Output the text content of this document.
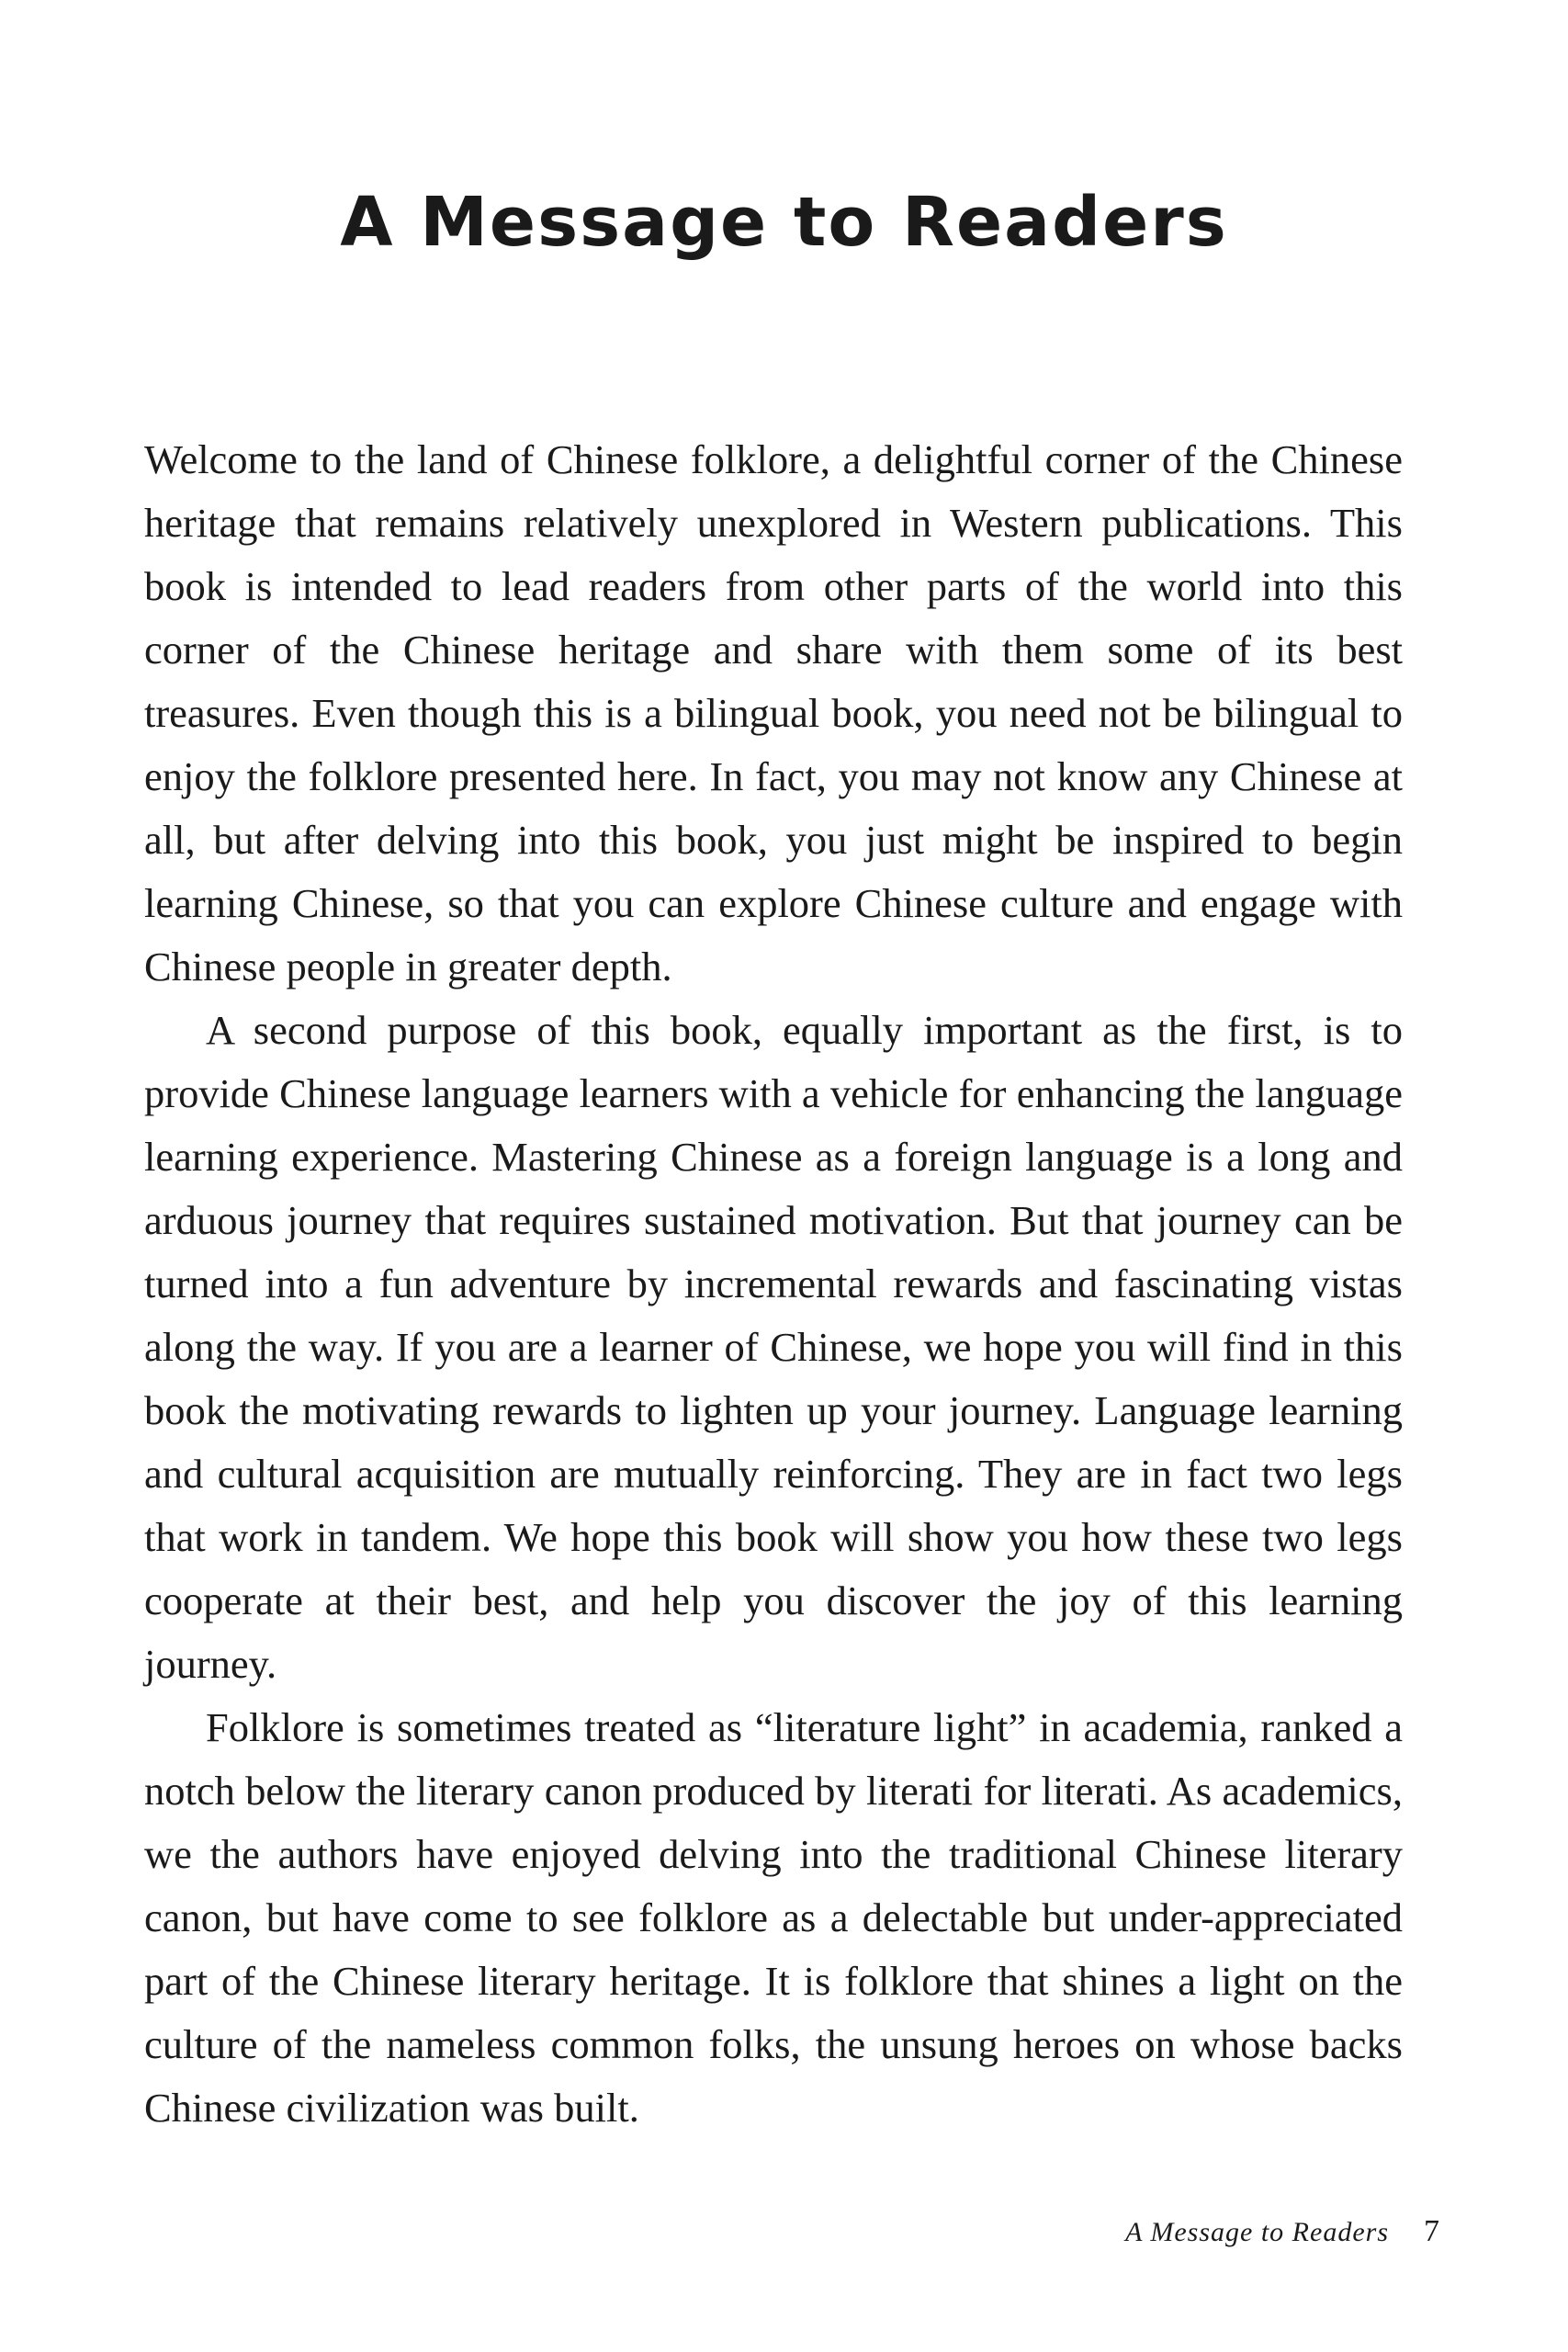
A Message to Readers

Welcome to the land of Chinese folklore, a delightful corner of the Chinese heritage that remains relatively unexplored in Western publications. This book is intended to lead readers from other parts of the world into this corner of the Chinese heritage and share with them some of its best treasures. Even though this is a bilingual book, you need not be bilingual to enjoy the folklore presented here. In fact, you may not know any Chinese at all, but after delving into this book, you just might be inspired to begin learning Chinese, so that you can explore Chinese culture and engage with Chinese people in greater depth.

A second purpose of this book, equally important as the first, is to provide Chinese language learners with a vehicle for enhancing the language learning experience. Mastering Chinese as a foreign language is a long and arduous journey that requires sustained motivation. But that journey can be turned into a fun adventure by incremental rewards and fascinating vistas along the way. If you are a learner of Chinese, we hope you will find in this book the motivating rewards to lighten up your journey. Language learning and cultural acquisition are mutually reinforcing. They are in fact two legs that work in tandem. We hope this book will show you how these two legs cooperate at their best, and help you discover the joy of this learning journey.

Folklore is sometimes treated as “literature light” in academia, ranked a notch below the literary canon produced by literati for literati. As academics, we the authors have enjoyed delving into the traditional Chinese literary canon, but have come to see folklore as a delectable but under-appreciated part of the Chinese literary heritage. It is folklore that shines a light on the culture of the nameless common folks, the unsung heroes on whose backs Chinese civilization was built.

A Message to Readers 7
